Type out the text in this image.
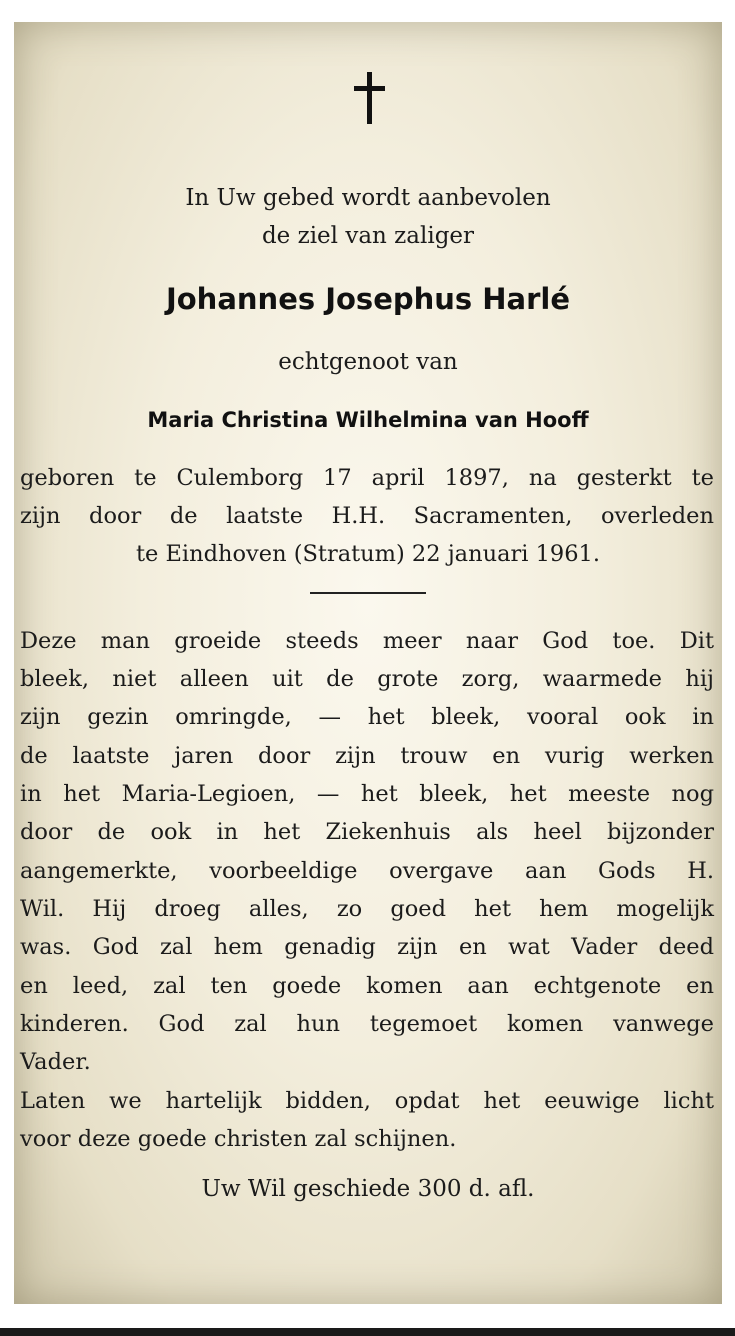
In Uw gebed wordt aanbevolen
de ziel van zaliger
Johannes Josephus Harlé
echtgenoot van
Maria Christina Wilhelmina van Hooff
geboren te Culemborg 17 april 1897, na gesterkt te
zijn door de laatste H.H. Sacramenten, overleden
te Eindhoven (Stratum) 22 januari 1961.
Deze man groeide steeds meer naar God toe. Dit
bleek, niet alleen uit de grote zorg, waarmede hij
zijn gezin omringde, — het bleek, vooral ook in
de laatste jaren door zijn trouw en vurig werken
in het Maria-Legioen, — het bleek, het meeste nog
door de ook in het Ziekenhuis als heel bijzonder
aangemerkte, voorbeeldige overgave aan Gods H.
Wil. Hij droeg alles, zo goed het hem mogelijk
was. God zal hem genadig zijn en wat Vader deed
en leed, zal ten goede komen aan echtgenote en
kinderen. God zal hun tegemoet komen vanwege
Vader.
Laten we hartelijk bidden, opdat het eeuwige licht
voor deze goede christen zal schijnen.
Uw Wil geschiede 300 d. afl.
